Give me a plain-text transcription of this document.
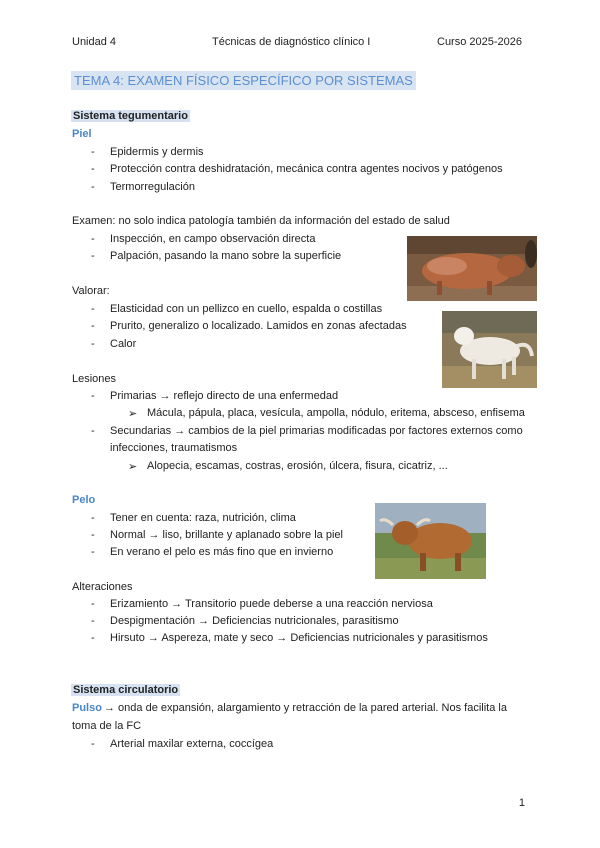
Unidad 4	Técnicas de diagnóstico clínico I	Curso 2025-2026
TEMA 4: EXAMEN FÍSICO ESPECÍFICO POR SISTEMAS
Sistema tegumentario
Piel
- Epidermis y dermis
- Protección contra deshidratación, mecánica contra agentes nocivos y patógenos
- Termorregulación
Examen: no solo indica patología también da información del estado de salud
- Inspección, en campo observación directa
- Palpación, pasando la mano sobre la superficie
Valorar:
- Elasticidad con un pellizco en cuello, espalda o costillas
- Prurito, generalizo o localizado. Lamidos en zonas afectadas
- Calor
Lesiones
- Primarias → reflejo directo de una enfermedad
➢ Mácula, pápula, placa, vesícula, ampolla, nódulo, eritema, absceso, enfisema
- Secundarias → cambios de la piel primarias modificadas por factores externos como
infecciones, traumatismos
➢ Alopecia, escamas, costras, erosión, úlcera, fisura, cicatriz, ...
Pelo
- Tener en cuenta: raza, nutrición, clima
- Normal → liso, brillante y aplanado sobre la piel
- En verano el pelo es más fino que en invierno
Alteraciones
- Erizamiento → Transitorio puede deberse a una reacción nerviosa
- Despigmentación → Deficiencias nutricionales, parasitismo
- Hirsuto → Aspereza, mate y seco → Deficiencias nutricionales y parasitismos
Sistema circulatorio
Pulso → onda de expansión, alargamiento y retracción de la pared arterial. Nos facilita la
toma de la FC
- Arterial maxilar externa, coccígea
1
